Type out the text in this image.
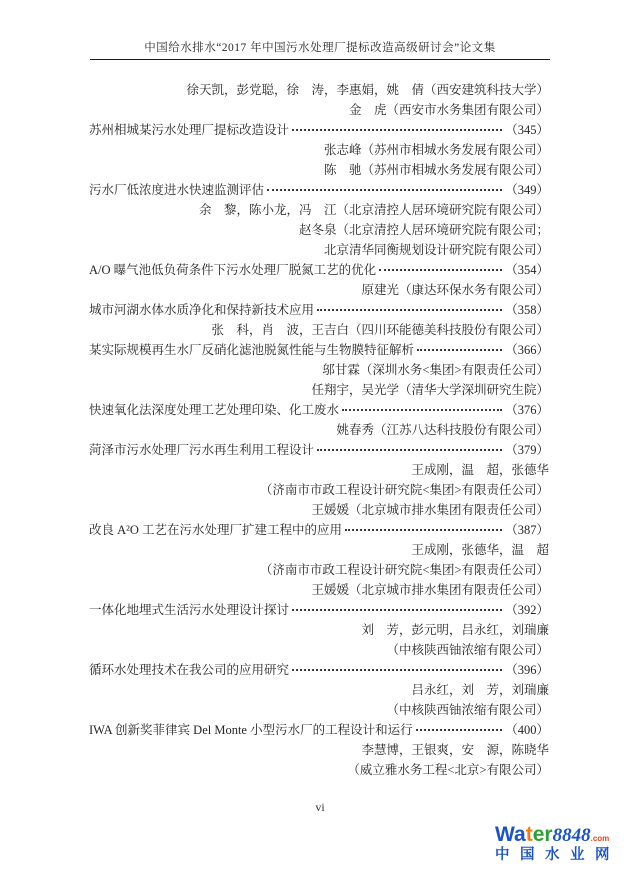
中国给水排水“2017 年中国污水处理厂提标改造高级研讨会”论文集
徐天凯，彭党聪，徐　涛，李惠娟，姚　倩（西安建筑科技大学）
金　虎（西安市水务集团有限公司）
苏州相城某污水处理厂提标改造设计	（345）
张志峰（苏州市相城水务发展有限公司）
陈　驰（苏州市相城水务发展有限公司）
污水厂低浓度进水快速监测评估	（349）
余　黎，陈小龙，冯　江（北京清控人居环境研究院有限公司）
赵冬泉（北京清控人居环境研究院有限公司；
北京清华同衡规划设计研究院有限公司）
A/O 曝气池低负荷条件下污水处理厂脱氮工艺的优化	（354）
原建光（康达环保水务有限公司）
城市河湖水体水质净化和保持新技术应用	（358）
张　科，肖　波，王吉白（四川环能德美科技股份有限公司）
某实际规模再生水厂反硝化滤池脱氮性能与生物膜特征解析	（366）
邬甘霖（深圳水务<集团>有限责任公司）
任翔宇，吴光学（清华大学深圳研究生院）
快速氧化法深度处理工艺处理印染、化工废水	（376）
姚春秀（江苏八达科技股份有限公司）
菏泽市污水处理厂污水再生利用工程设计	（379）
王成刚，温　超，张德华
（济南市市政工程设计研究院<集团>有限责任公司）
王媛媛（北京城市排水集团有限责任公司）
改良 A²O 工艺在污水处理厂扩建工程中的应用	（387）
王成刚，张德华，温　超
（济南市市政工程设计研究院<集团>有限责任公司）
王媛媛（北京城市排水集团有限责任公司）
一体化地埋式生活污水处理设计探讨	（392）
刘　芳，彭元明，吕永红，刘瑞廉
（中核陕西铀浓缩有限公司）
循环水处理技术在我公司的应用研究	（396）
吕永红，刘　芳，刘瑞廉
（中核陕西铀浓缩有限公司）
IWA 创新奖菲律宾 Del Monte 小型污水厂的工程设计和运行	（400）
李慧博，王银爽，安　源，陈晓华
（威立雅水务工程<北京>有限公司）
vi
Water8848.com
中国水业网
